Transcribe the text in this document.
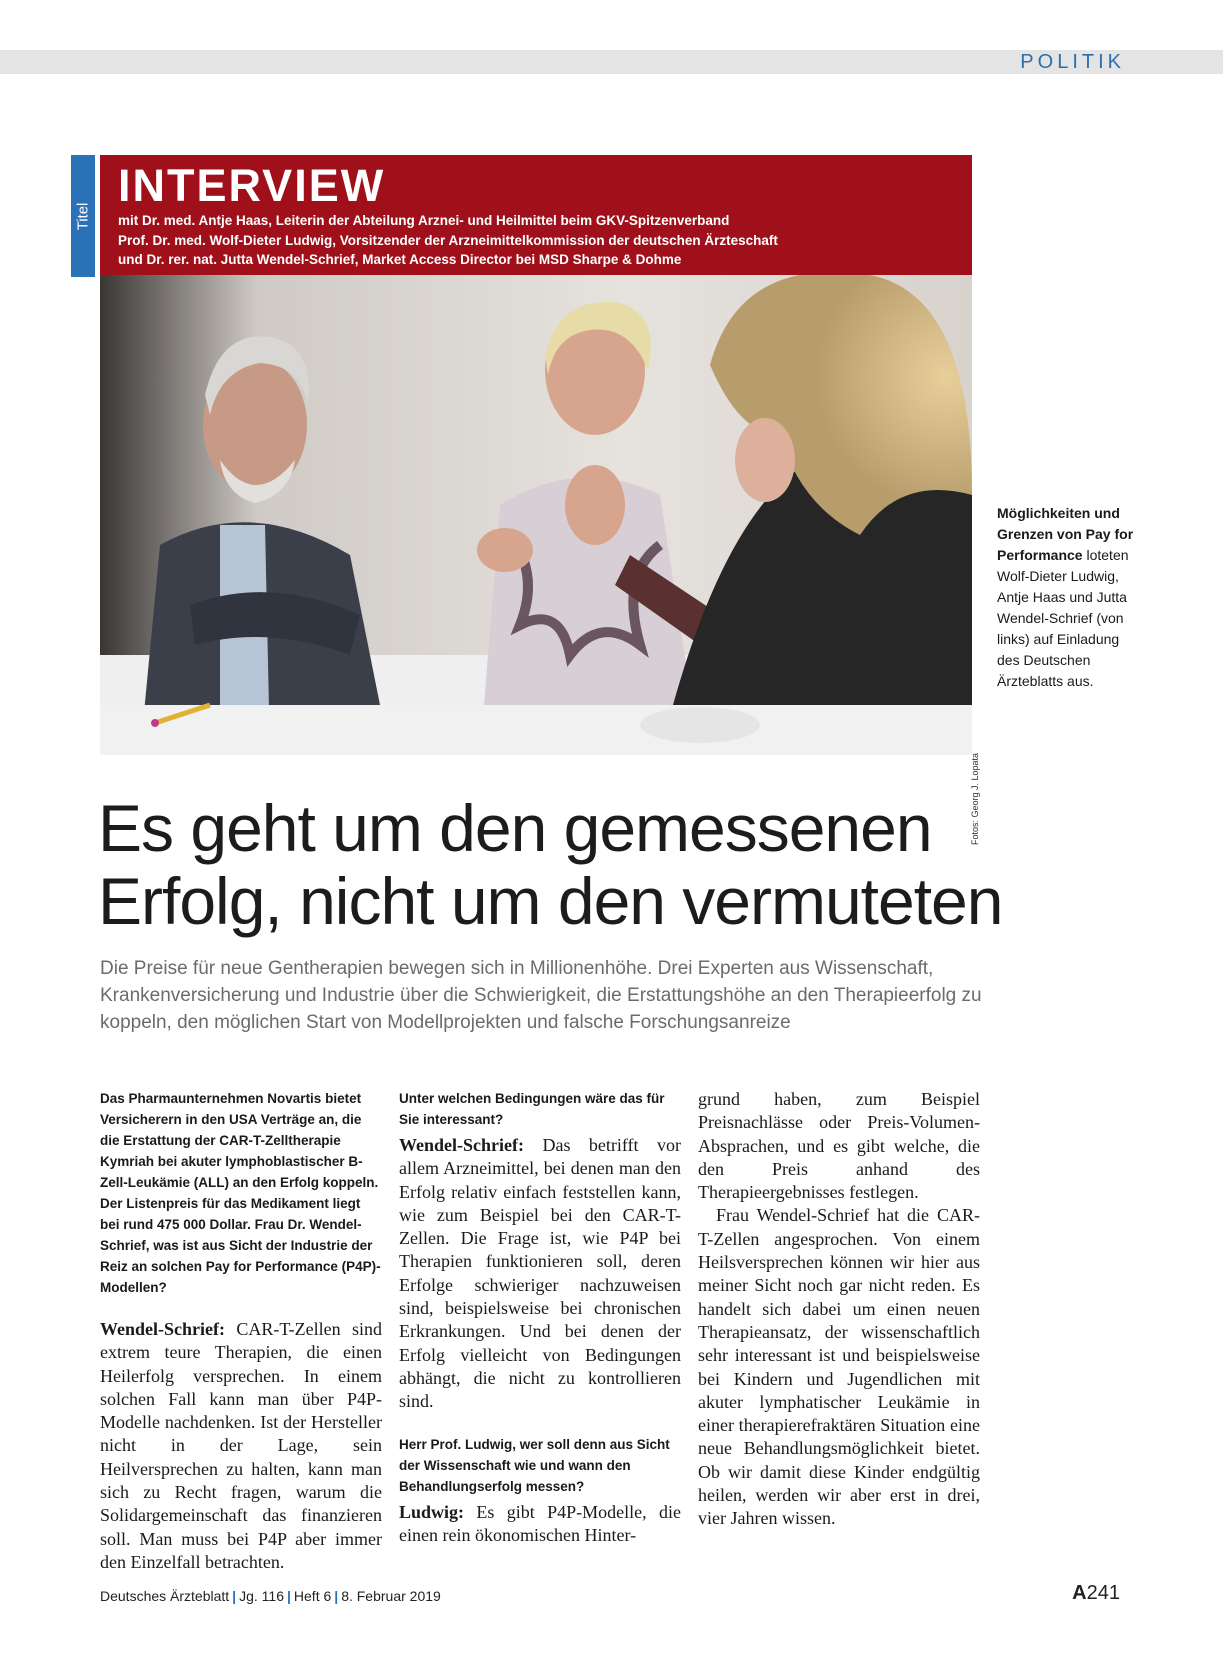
POLITIK
Titel
INTERVIEW
mit Dr. med. Antje Haas, Leiterin der Abteilung Arznei- und Heilmittel beim GKV-Spitzenverband
Prof. Dr. med. Wolf-Dieter Ludwig, Vorsitzender der Arzneimittelkommission der deutschen Ärzteschaft
und Dr. rer. nat. Jutta Wendel-Schrief, Market Access Director bei MSD Sharpe & Dohme
Fotos: Georg J. Lopata
Möglichkeiten und Grenzen von Pay for Performance loteten Wolf-Dieter Ludwig, Antje Haas und Jutta Wendel-Schrief (von links) auf Einladung des Deutschen Ärzteblatts aus.
Es geht um den gemessenen
Erfolg, nicht um den vermuteten
Die Preise für neue Gentherapien bewegen sich in Millionenhöhe. Drei Experten aus Wissenschaft, Krankenversicherung und Industrie über die Schwierigkeit, die Erstattungshöhe an den Therapieerfolg zu koppeln, den möglichen Start von Modellprojekten und falsche Forschungsanreize

Das Pharmaunternehmen Novartis bietet Versicherern in den USA Verträge an, die die Erstattung der CAR-T-Zelltherapie Kymriah bei akuter lymphoblastischer B-Zell-Leukämie (ALL) an den Erfolg koppeln. Der Listenpreis für das Medikament liegt bei rund 475 000 Dollar. Frau Dr. Wendel-Schrief, was ist aus Sicht der Industrie der Reiz an solchen Pay for Performance (P4P)-Modellen?

Wendel-Schrief: CAR-T-Zellen sind extrem teure Therapien, die einen Heilerfolg versprechen. In einem solchen Fall kann man über P4P-Modelle nachdenken. Ist der Hersteller nicht in der Lage, sein Heilversprechen zu halten, kann man sich zu Recht fragen, warum die Solidargemeinschaft das finanzieren soll. Man muss bei P4P aber immer den Einzelfall betrachten.

Unter welchen Bedingungen wäre das für Sie interessant?

Wendel-Schrief: Das betrifft vor allem Arzneimittel, bei denen man den Erfolg relativ einfach feststellen kann, wie zum Beispiel bei den CAR-T-Zellen. Die Frage ist, wie P4P bei Therapien funktionieren soll, deren Erfolge schwieriger nachzuweisen sind, beispielsweise bei chronischen Erkrankungen. Und bei denen der Erfolg vielleicht von Bedingungen abhängt, die nicht zu kontrollieren sind.

Herr Prof. Ludwig, wer soll denn aus Sicht der Wissenschaft wie und wann den Behandlungserfolg messen?

Ludwig: Es gibt P4P-Modelle, die einen rein ökonomischen Hinter-

grund haben, zum Beispiel Preisnachlässe oder Preis-Volumen-Absprachen, und es gibt welche, die den Preis anhand des Therapieergebnisses festlegen.

Frau Wendel-Schrief hat die CAR-T-Zellen angesprochen. Von einem Heilsversprechen können wir hier aus meiner Sicht noch gar nicht reden. Es handelt sich dabei um einen neuen Therapieansatz, der wissenschaftlich sehr interessant ist und beispielsweise bei Kindern und Jugendlichen mit akuter lymphatischer Leukämie in einer therapierefraktären Situation eine neue Behandlungsmöglichkeit bietet. Ob wir damit diese Kinder endgültig heilen, werden wir aber erst in drei, vier Jahren wissen.

Deutsches Ärzteblatt | Jg. 116 | Heft 6 | 8. Februar 2019	A241
